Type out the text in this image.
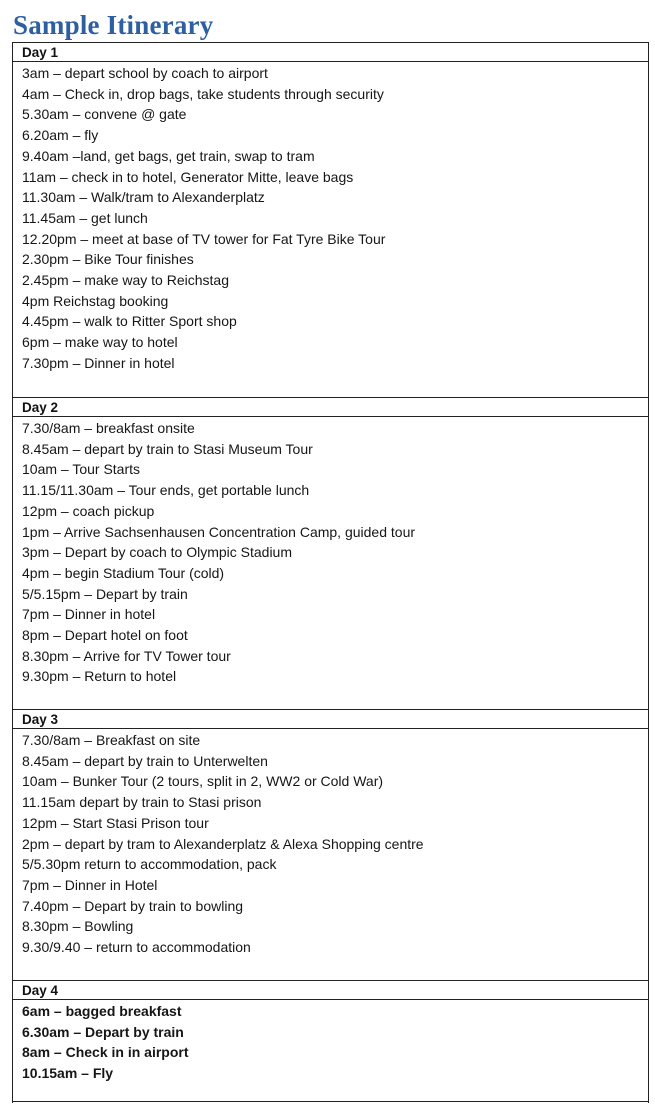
Sample Itinerary
Day 1
3am – depart school by coach to airport
4am – Check in, drop bags, take students through security
5.30am – convene @ gate
6.20am – fly
9.40am –land, get bags, get train, swap to tram
11am – check in to hotel, Generator Mitte, leave bags
11.30am – Walk/tram to Alexanderplatz
11.45am – get lunch
12.20pm – meet at base of TV tower for Fat Tyre Bike Tour
2.30pm – Bike Tour finishes
2.45pm – make way to Reichstag
4pm Reichstag booking
4.45pm – walk to Ritter Sport shop
6pm – make way to hotel
7.30pm – Dinner in hotel
Day 2
7.30/8am – breakfast onsite
8.45am – depart by train to Stasi Museum Tour
10am – Tour Starts
11.15/11.30am – Tour ends, get portable lunch
12pm – coach pickup
1pm – Arrive Sachsenhausen Concentration Camp, guided tour
3pm – Depart by coach to Olympic Stadium
4pm – begin Stadium Tour (cold)
5/5.15pm – Depart by train
7pm – Dinner in hotel
8pm – Depart hotel on foot
8.30pm – Arrive for TV Tower tour
9.30pm – Return to hotel
Day 3
7.30/8am – Breakfast on site
8.45am – depart by train to Unterwelten
10am – Bunker Tour (2 tours, split in 2, WW2 or Cold War)
11.15am depart by train to Stasi prison
12pm – Start Stasi Prison tour
2pm – depart by tram to Alexanderplatz & Alexa Shopping centre
5/5.30pm return to accommodation, pack
7pm – Dinner in Hotel
7.40pm – Depart by train to bowling
8.30pm – Bowling
9.30/9.40 – return to accommodation
Day 4
6am – bagged breakfast
6.30am – Depart by train
8am – Check in in airport
10.15am – Fly
